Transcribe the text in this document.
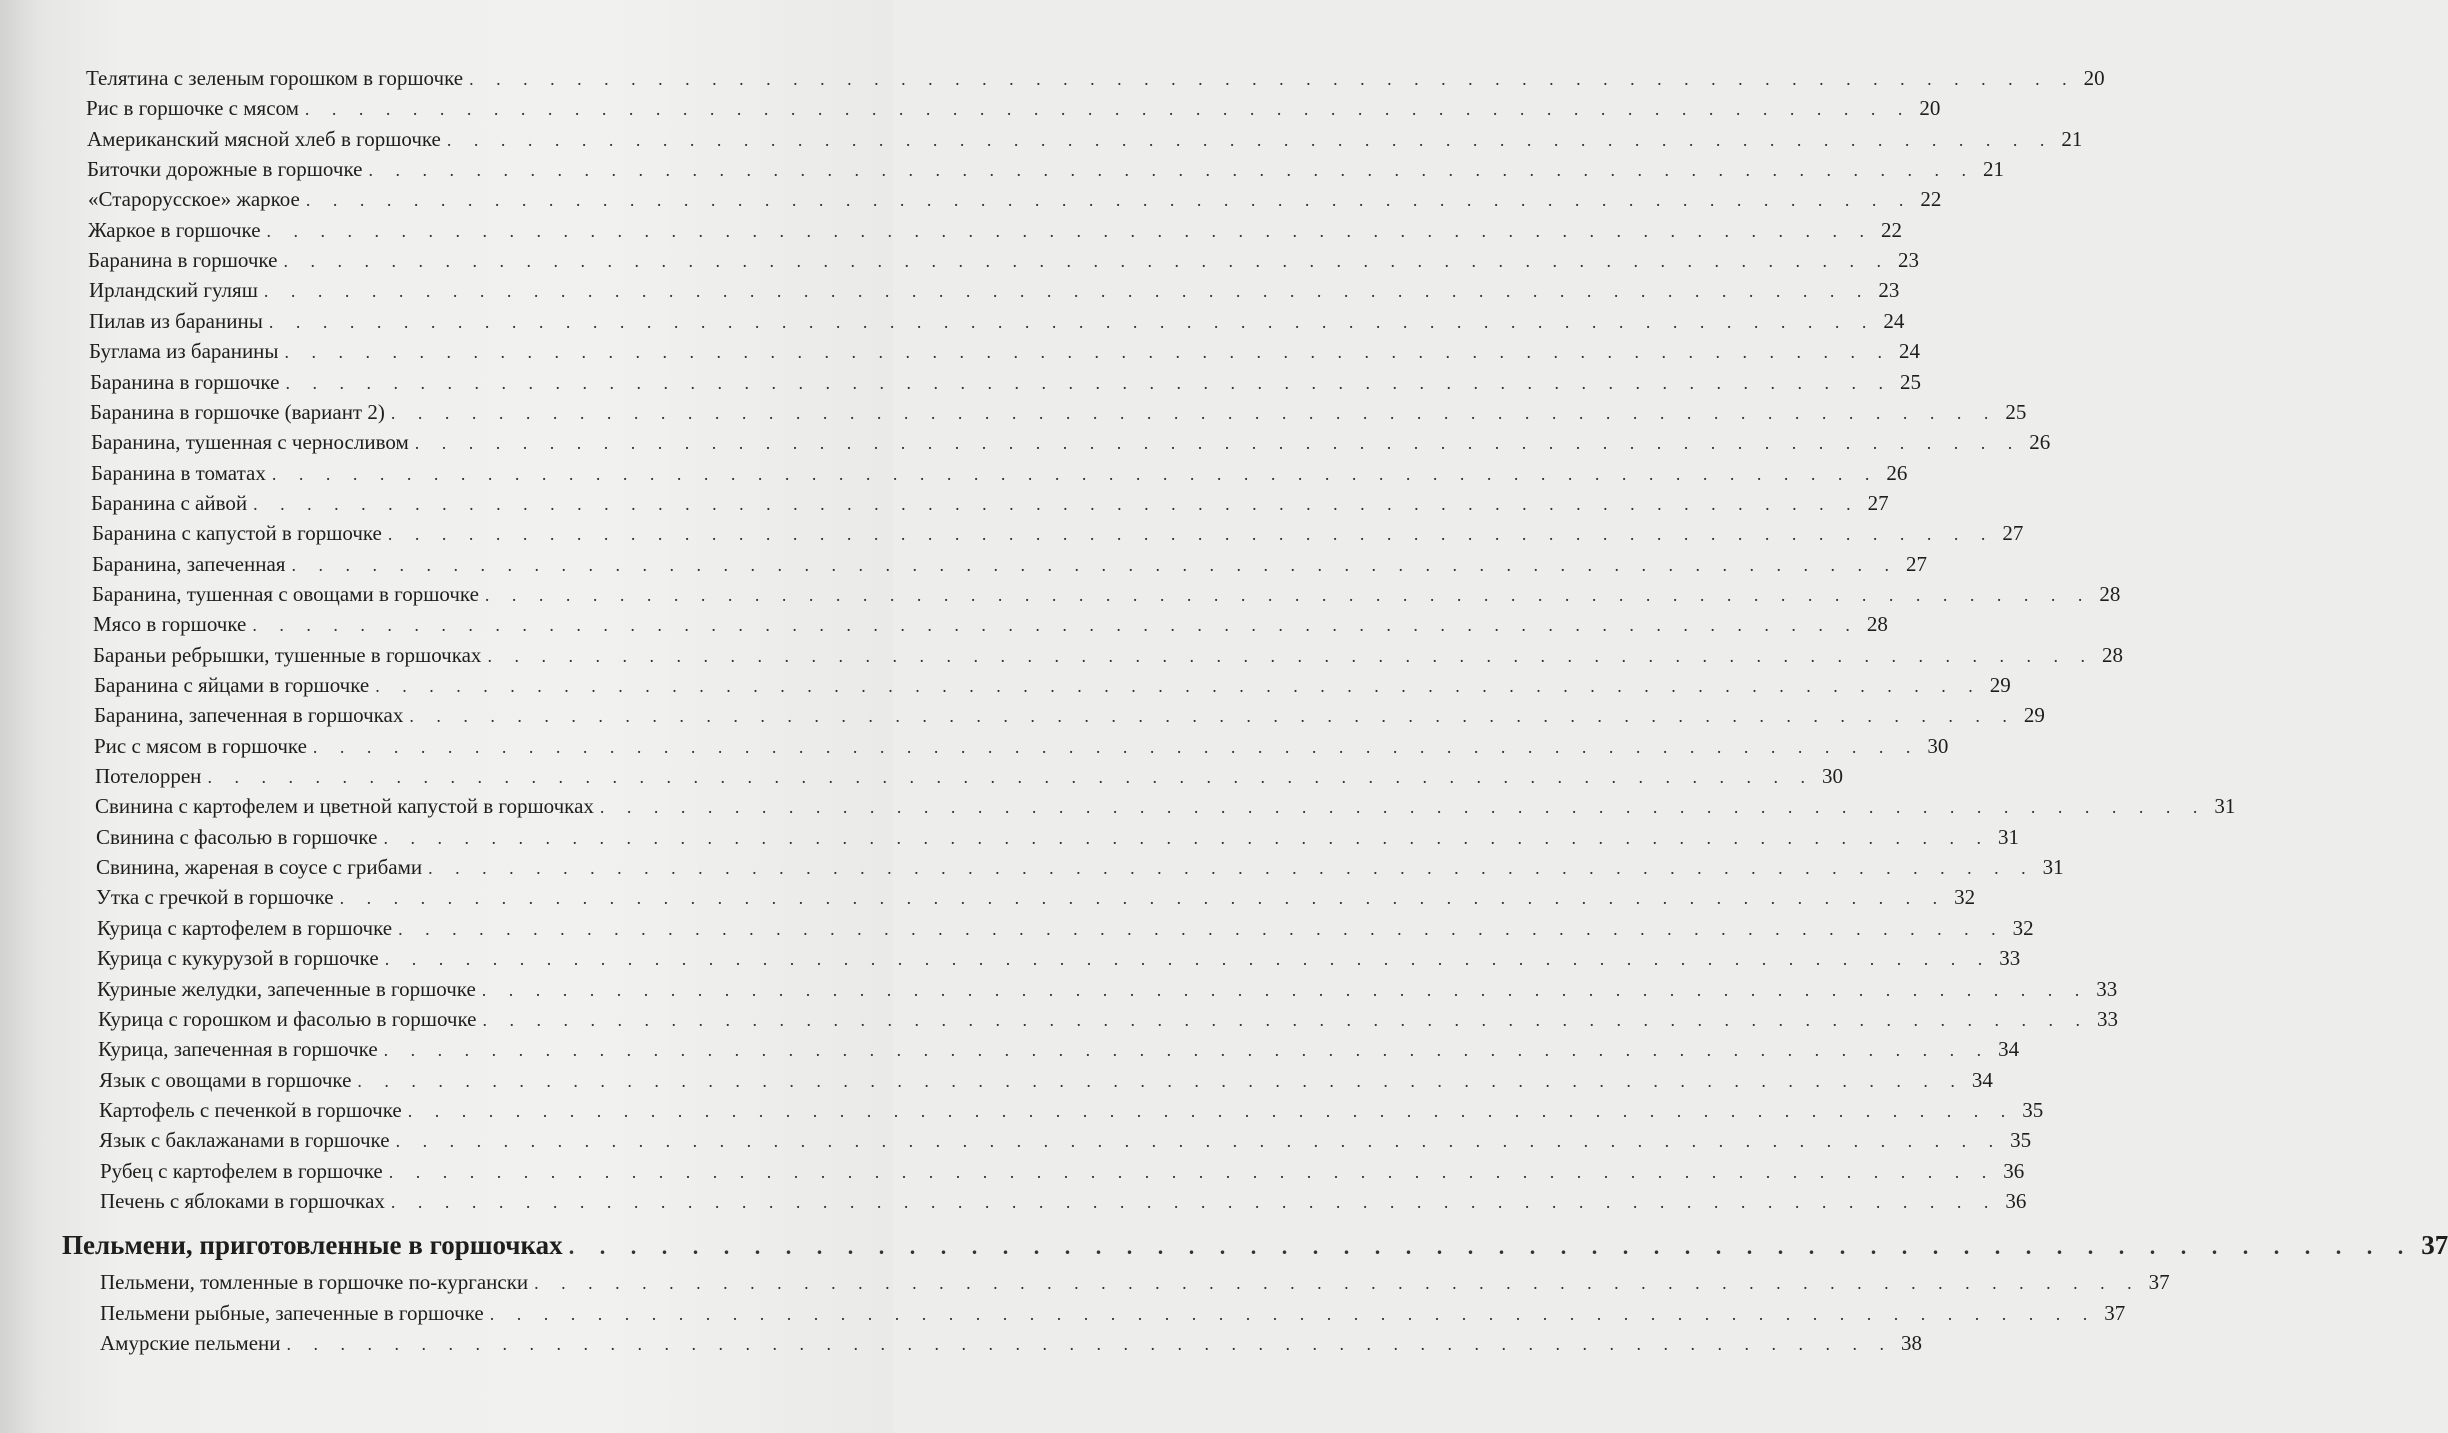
Телятина с зеленым горошком в горшочке . . . . . . . . . . . . . . . . . . . . . . . . . . . . . . . . . . . . . . . . . . . . . . . . . . . . . . . . . . . . 20
Рис в горшочке с мясом . . . . . . . . . . . . . . . . . . . . . . . . . . . . . . . . . . . . . . . . . . . . . . . . . . . . . . . . . . . . 20
Американский мясной хлеб в горшочке . . . . . . . . . . . . . . . . . . . . . . . . . . . . . . . . . . . . . . . . . . . . . . . . . . . . . . . . . . . . 21
Биточки дорожные в горшочке . . . . . . . . . . . . . . . . . . . . . . . . . . . . . . . . . . . . . . . . . . . . . . . . . . . . . . . . . . . . 21
«Старорусское» жаркое . . . . . . . . . . . . . . . . . . . . . . . . . . . . . . . . . . . . . . . . . . . . . . . . . . . . . . . . . . . . 22
Жаркое в горшочке . . . . . . . . . . . . . . . . . . . . . . . . . . . . . . . . . . . . . . . . . . . . . . . . . . . . . . . . . . . . 22
Баранина в горшочке . . . . . . . . . . . . . . . . . . . . . . . . . . . . . . . . . . . . . . . . . . . . . . . . . . . . . . . . . . . . 23
Ирландский гуляш . . . . . . . . . . . . . . . . . . . . . . . . . . . . . . . . . . . . . . . . . . . . . . . . . . . . . . . . . . . . 23
Пилав из баранины . . . . . . . . . . . . . . . . . . . . . . . . . . . . . . . . . . . . . . . . . . . . . . . . . . . . . . . . . . . . 24
Буглама из баранины . . . . . . . . . . . . . . . . . . . . . . . . . . . . . . . . . . . . . . . . . . . . . . . . . . . . . . . . . . . . 24
Баранина в горшочке . . . . . . . . . . . . . . . . . . . . . . . . . . . . . . . . . . . . . . . . . . . . . . . . . . . . . . . . . . . . 25
Баранина в горшочке (вариант 2) . . . . . . . . . . . . . . . . . . . . . . . . . . . . . . . . . . . . . . . . . . . . . . . . . . . . . . . . . . . . 25
Баранина, тушенная с черносливом . . . . . . . . . . . . . . . . . . . . . . . . . . . . . . . . . . . . . . . . . . . . . . . . . . . . . . . . . . . . 26
Баранина в томатах . . . . . . . . . . . . . . . . . . . . . . . . . . . . . . . . . . . . . . . . . . . . . . . . . . . . . . . . . . . . 26
Баранина с айвой . . . . . . . . . . . . . . . . . . . . . . . . . . . . . . . . . . . . . . . . . . . . . . . . . . . . . . . . . . . . 27
Баранина с капустой в горшочке . . . . . . . . . . . . . . . . . . . . . . . . . . . . . . . . . . . . . . . . . . . . . . . . . . . . . . . . . . . . 27
Баранина, запеченная . . . . . . . . . . . . . . . . . . . . . . . . . . . . . . . . . . . . . . . . . . . . . . . . . . . . . . . . . . . . 27
Баранина, тушенная с овощами в горшочке . . . . . . . . . . . . . . . . . . . . . . . . . . . . . . . . . . . . . . . . . . . . . . . . . . . . . . . . . . . . 28
Мясо в горшочке . . . . . . . . . . . . . . . . . . . . . . . . . . . . . . . . . . . . . . . . . . . . . . . . . . . . . . . . . . . . 28
Бараньи ребрышки, тушенные в горшочках . . . . . . . . . . . . . . . . . . . . . . . . . . . . . . . . . . . . . . . . . . . . . . . . . . . . . . . . . . . . 28
Баранина с яйцами в горшочке . . . . . . . . . . . . . . . . . . . . . . . . . . . . . . . . . . . . . . . . . . . . . . . . . . . . . . . . . . . . 29
Баранина, запеченная в горшочках . . . . . . . . . . . . . . . . . . . . . . . . . . . . . . . . . . . . . . . . . . . . . . . . . . . . . . . . . . . . 29
Рис с мясом в горшочке . . . . . . . . . . . . . . . . . . . . . . . . . . . . . . . . . . . . . . . . . . . . . . . . . . . . . . . . . . . . 30
Потелоррен . . . . . . . . . . . . . . . . . . . . . . . . . . . . . . . . . . . . . . . . . . . . . . . . . . . . . . . . . . . . 30
Свинина с картофелем и цветной капустой в горшочках . . . . . . . . . . . . . . . . . . . . . . . . . . . . . . . . . . . . . . . . . . . . . . . . . . . . . . . . . . . . 31
Свинина с фасолью в горшочке . . . . . . . . . . . . . . . . . . . . . . . . . . . . . . . . . . . . . . . . . . . . . . . . . . . . . . . . . . . . 31
Свинина, жареная в соусе с грибами . . . . . . . . . . . . . . . . . . . . . . . . . . . . . . . . . . . . . . . . . . . . . . . . . . . . . . . . . . . . 31
Утка с гречкой в горшочке . . . . . . . . . . . . . . . . . . . . . . . . . . . . . . . . . . . . . . . . . . . . . . . . . . . . . . . . . . . . 32
Курица с картофелем в горшочке . . . . . . . . . . . . . . . . . . . . . . . . . . . . . . . . . . . . . . . . . . . . . . . . . . . . . . . . . . . . 32
Курица с кукурузой в горшочке . . . . . . . . . . . . . . . . . . . . . . . . . . . . . . . . . . . . . . . . . . . . . . . . . . . . . . . . . . . . 33
Куриные желудки, запеченные в горшочке . . . . . . . . . . . . . . . . . . . . . . . . . . . . . . . . . . . . . . . . . . . . . . . . . . . . . . . . . . . . 33
Курица с горошком и фасолью в горшочке . . . . . . . . . . . . . . . . . . . . . . . . . . . . . . . . . . . . . . . . . . . . . . . . . . . . . . . . . . . . 33
Курица, запеченная в горшочке . . . . . . . . . . . . . . . . . . . . . . . . . . . . . . . . . . . . . . . . . . . . . . . . . . . . . . . . . . . . 34
Язык с овощами в горшочке . . . . . . . . . . . . . . . . . . . . . . . . . . . . . . . . . . . . . . . . . . . . . . . . . . . . . . . . . . . . 34
Картофель с печенкой в горшочке . . . . . . . . . . . . . . . . . . . . . . . . . . . . . . . . . . . . . . . . . . . . . . . . . . . . . . . . . . . . 35
Язык с баклажанами в горшочке . . . . . . . . . . . . . . . . . . . . . . . . . . . . . . . . . . . . . . . . . . . . . . . . . . . . . . . . . . . . 35
Рубец с картофелем в горшочке . . . . . . . . . . . . . . . . . . . . . . . . . . . . . . . . . . . . . . . . . . . . . . . . . . . . . . . . . . . . 36
Печень с яблоками в горшочках . . . . . . . . . . . . . . . . . . . . . . . . . . . . . . . . . . . . . . . . . . . . . . . . . . . . . . . . . . . . 36
Пельмени, приготовленные в горшочках . . . . . . . . . . . . . . . . . . . . . . . . . . . . . . . . . . . . . . . . . . . . . . . . . . . . . . . . . . . . 37
Пельмени, томленные в горшочке по-кургански . . . . . . . . . . . . . . . . . . . . . . . . . . . . . . . . . . . . . . . . . . . . . . . . . . . . . . . . . . . . 37
Пельмени рыбные, запеченные в горшочке . . . . . . . . . . . . . . . . . . . . . . . . . . . . . . . . . . . . . . . . . . . . . . . . . . . . . . . . . . . . 37
Амурские пельмени . . . . . . . . . . . . . . . . . . . . . . . . . . . . . . . . . . . . . . . . . . . . . . . . . . . . . . . . . . . . 38
